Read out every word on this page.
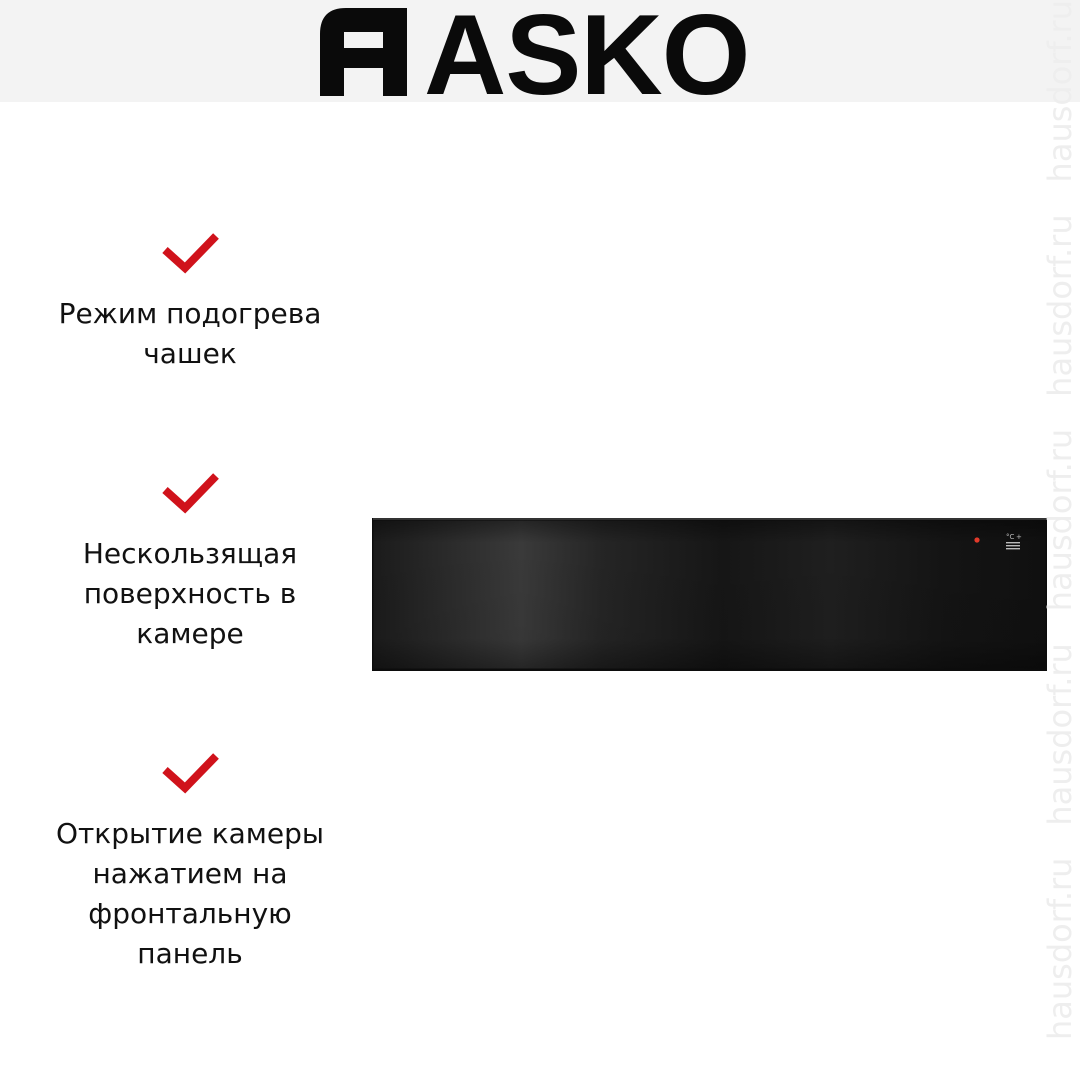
ASKO
Режим подогрева
чашек
Нескользящая
поверхность в
камере
Открытие камеры
нажатием на
фронтальную
панель
°C +
hausdorf.ru
hausdorf.ru
hausdorf.ru
hausdorf.ru
hausdorf.ru
